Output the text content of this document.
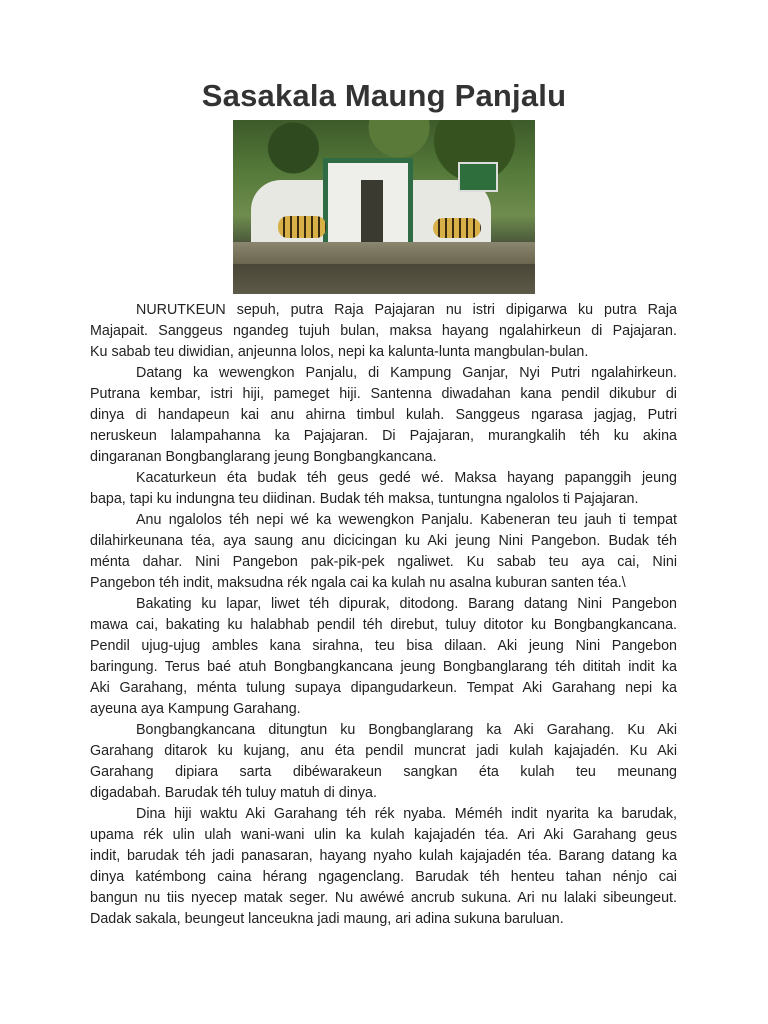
Sasakala Maung Panjalu
NURUTKEUN sepuh, putra Raja Pajajaran nu istri dipigarwa ku putra Raja
Majapait. Sanggeus ngandeg tujuh bulan, maksa hayang ngalahirkeun di Pajajaran.
Ku sabab teu diwidian, anjeunna lolos, nepi ka kalunta-lunta mangbulan-bulan.
Datang ka wewengkon Panjalu, di Kampung Ganjar, Nyi Putri ngalahirkeun.
Putrana kembar, istri hiji, pameget hiji. Santenna diwadahan kana pendil dikubur di
dinya di handapeun kai anu ahirna timbul kulah. Sanggeus ngarasa jagjag, Putri
neruskeun lalampahanna ka Pajajaran. Di Pajajaran, murangkalih téh ku akina
dingaranan Bongbanglarang jeung Bongbangkancana.
Kacaturkeun éta budak téh geus gedé wé. Maksa hayang papanggih jeung
bapa, tapi ku indungna teu diidinan. Budak téh maksa, tuntungna ngalolos ti Pajajaran.
Anu ngalolos téh nepi wé ka wewengkon Panjalu. Kabeneran teu jauh ti tempat
dilahirkeunana téa, aya saung anu dicicingan ku Aki jeung Nini Pangebon. Budak téh
ménta dahar. Nini Pangebon pak-pik-pek ngaliwet. Ku sabab teu aya cai, Nini
Pangebon téh indit, maksudna rék ngala cai ka kulah nu asalna kuburan santen téa.\
Bakating ku lapar, liwet téh dipurak, ditodong. Barang datang Nini Pangebon
mawa cai, bakating ku halabhab pendil téh direbut, tuluy ditotor ku Bongbangkancana.
Pendil ujug-ujug ambles kana sirahna, teu bisa dilaan. Aki jeung Nini Pangebon
baringung. Terus baé atuh Bongbangkancana jeung Bongbanglarang téh dititah indit ka
Aki Garahang, ménta tulung supaya dipangudarkeun. Tempat Aki Garahang nepi ka
ayeuna aya Kampung Garahang.
Bongbangkancana ditungtun ku Bongbanglarang ka Aki Garahang. Ku Aki
Garahang ditarok ku kujang, anu éta pendil muncrat jadi kulah kajajadén. Ku Aki
Garahang dipiara sarta dibéwarakeun sangkan éta kulah teu meunang
digadabah. Barudak téh tuluy matuh di dinya.
Dina hiji waktu Aki Garahang téh rék nyaba. Méméh indit nyarita ka barudak,
upama rék ulin ulah wani-wani ulin ka kulah kajajadén téa. Ari Aki Garahang geus
indit, barudak téh jadi panasaran, hayang nyaho kulah kajajadén téa. Barang datang ka
dinya katémbong caina hérang ngagenclang. Barudak téh henteu tahan nénjo cai
bangun nu tiis nyecep matak seger. Nu awéwé ancrub sukuna. Ari nu lalaki sibeungeut.
Dadak sakala, beungeut lanceukna jadi maung, ari adina sukuna baruluan.
